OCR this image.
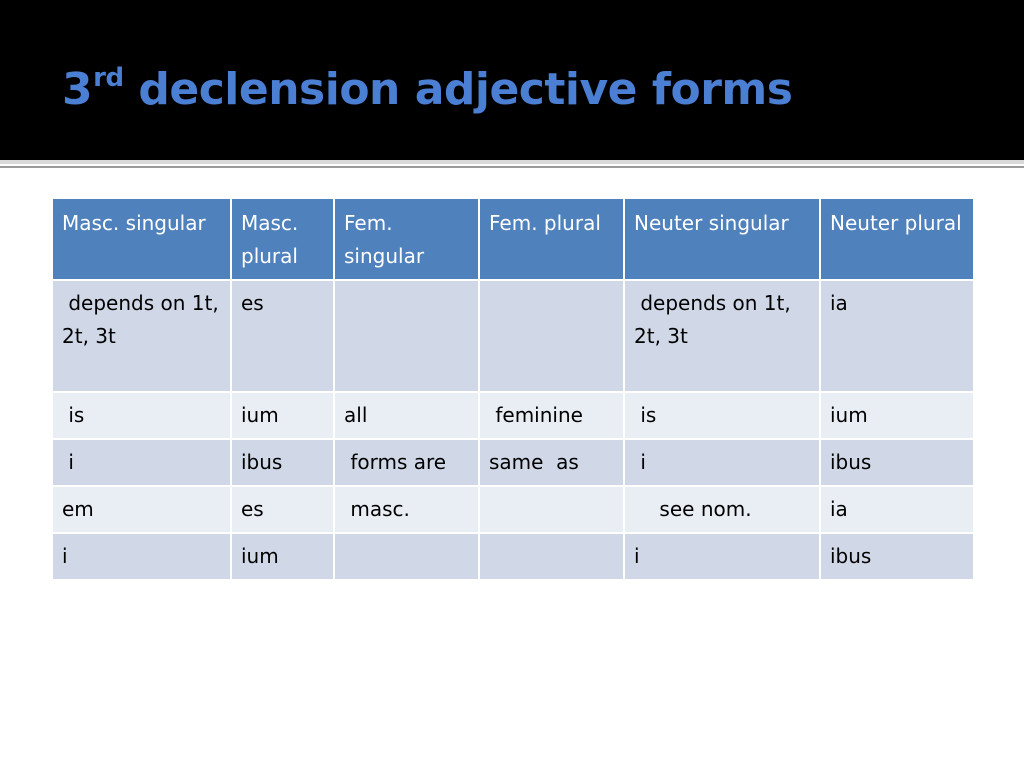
3rd declension adjective forms
Masc. singular	Masc. plural	Fem. singular	Fem. plural	Neuter singular	Neuter plural
depends on 1t, 2t, 3t	es			depends on 1t, 2t, 3t	ia
is	ium	all	feminine	is	ium
i	ibus	forms are	same  as	i	ibus
em	es	masc.		see nom.	ia
i	ium			i	ibus
